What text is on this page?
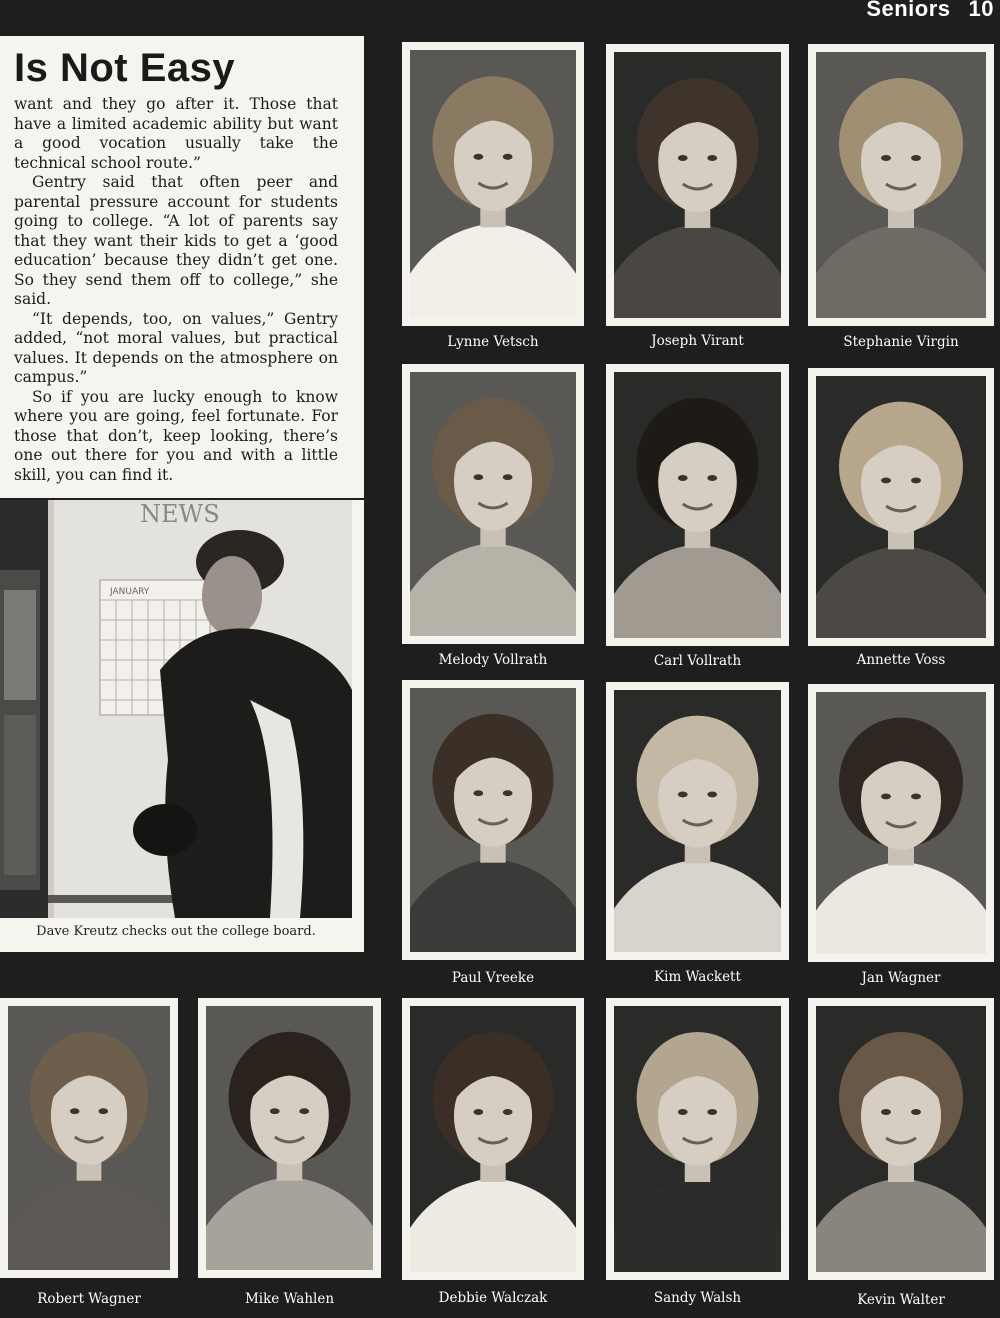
Seniors 10
Is Not Easy

want and they go after it. Those that have a limited academic ability but want a good vocation usually take the technical school route.”

Gentry said that often peer and parental pressure account for students going to college. “A lot of parents say that they want their kids to get a ‘good education’ because they didn’t get one. So they send them off to college,” she said.

“It depends, too, on values,” Gentry added, “not moral values, but practical values. It depends on the atmosphere on campus.”

So if you are lucky enough to know where you are going, feel fortunate. For those that don’t, keep looking, there’s one out there for you and with a little skill, you can find it.

NEWS
JANUARY
Dave Kreutz checks out the college board.
Lynne Vetsch	Joseph Virant	Stephanie Virgin
Melody Vollrath	Carl Vollrath	Annette Voss
Paul Vreeke	Kim Wackett	Jan Wagner
Robert Wagner	Mike Wahlen	Debbie Walczak	Sandy Walsh	Kevin Walter
